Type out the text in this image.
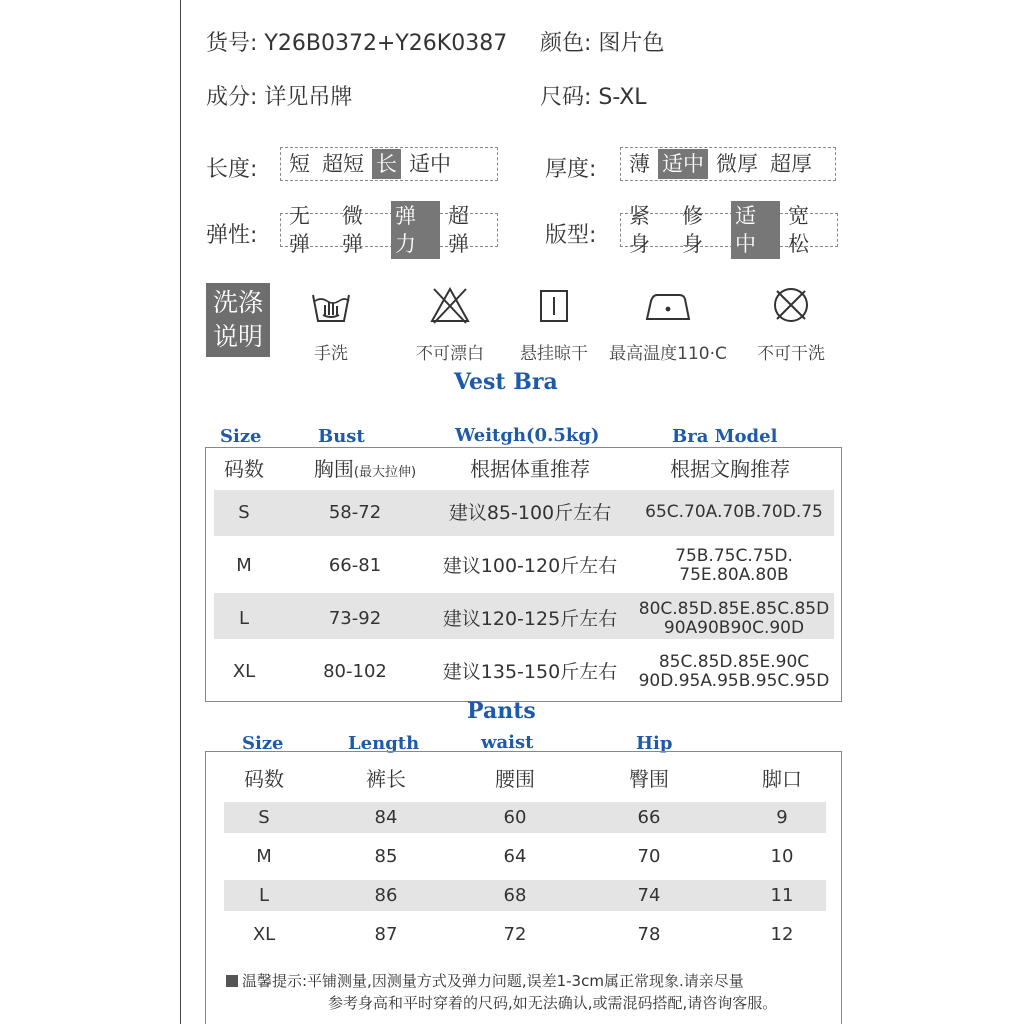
货号: Y26B0372+Y26K0387 颜色: 图片色
成分: 详见吊牌	尺码: S-XL
长度: 短 超短 长 适中	厚度: 薄 适中 微厚 超厚
弹性:
无弹
微弹
弹力
超弹	版型:
紧身
修身
适中
宽松
洗涤
说明
手洗	不可漂白	悬挂晾干	最高温度110·C	不可干洗
Vest Bra
Size	Bust	Weitgh(0.5kg)	Bra Model
码数	胸围(最大拉伸)	根据体重推荐	根据文胸推荐
S	58-72	建议85-100斤左右	65C.70A.70B.70D.75
M	66-81	建议100-120斤左右	75B.75C.75D.
75E.80A.80B
L	73-92	建议120-125斤左右	80C.85D.85E.85C.85D
90A90B90C.90D
XL	80-102	建议135-150斤左右	85C.85D.85E.90C
90D.95A.95B.95C.95D
Pants
Size	Length	waist	Hip
码数	裤长	腰围	臀围	脚口
S	84	60	66	9
M	85	64	70	10
L	86	68	74	11
XL	87	72	78	12
温馨提示:平铺测量,因测量方式及弹力问题,误差1-3cm属正常现象.请亲尽量
参考身高和平时穿着的尺码,如无法确认,或需混码搭配,请咨询客服。
